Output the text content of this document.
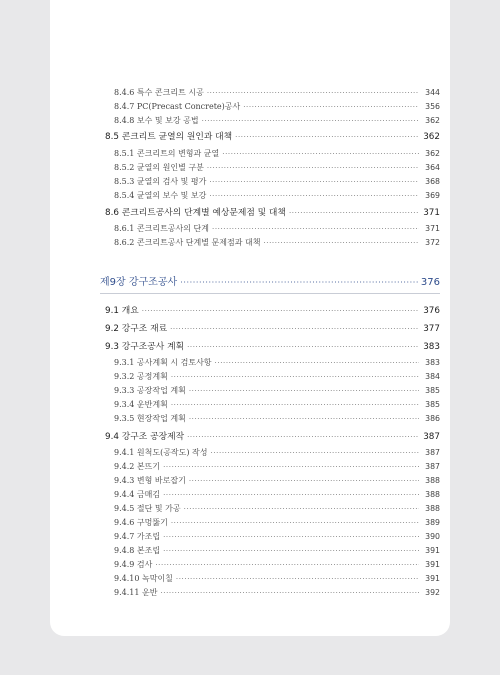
8.4.6 특수 콘크리트 시공 ·····	344
8.4.7 PC(Precast Concrete)공사 ·····	356
8.4.8 보수 및 보강 공법 ·····	362
8.5 콘크리트 균열의 원인과 대책 ·····	362
8.5.1 콘크리트의 변형과 균열 ·····	362
8.5.2 균열의 원인별 구분 ·····	364
8.5.3 균열의 검사 및 평가 ·····	368
8.5.4 균열의 보수 및 보강 ·····	369
8.6 콘크리트공사의 단계별 예상문제점 및 대책 ·····	371
8.6.1 콘크리트공사의 단계 ·····	371
8.6.2 콘크리트공사 단계별 문제점과 대책 ·····	372
제9장 강구조공사 ·····	376
9.1 개요 ·····	376
9.2 강구조 재료 ·····	377
9.3 강구조공사 계획 ·····	383
9.3.1 공사계획 시 검토사항 ·····	383
9.3.2 공정계획 ·····	384
9.3.3 공장작업 계획 ·····	385
9.3.4 운반계획 ·····	385
9.3.5 현장작업 계획 ·····	386
9.4 강구조 공장제작 ·····	387
9.4.1 원척도(공작도) 작성 ·····	387
9.4.2 본뜨기 ·····	387
9.4.3 변형 바로잡기 ·····	388
9.4.4 금매김 ·····	388
9.4.5 절단 및 가공 ·····	388
9.4.6 구멍뚫기 ·····	389
9.4.7 가조립 ·····	390
9.4.8 본조립 ·····	391
9.4.9 검사 ·····	391
9.4.10 녹막이칠 ·····	391
9.4.11 운반 ·····	392
